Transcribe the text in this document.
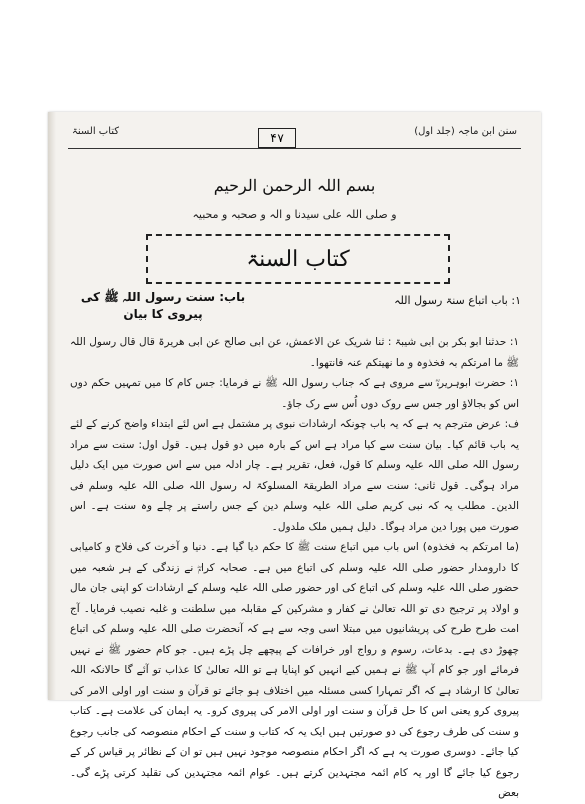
سنن ابن ماجہ (جلد اول)
۴۷
کتاب السنۃ
بسم اللہ الرحمن الرحیم
و صلی اللہ علی سیدنا و الہ و صحبہ و محبیہ
کتاب السنۃ
۱: باب اتباع سنۃ رسول اللہ
باب: سنت رسول اللہ ﷺ کی پیروی کا بیان

۱: حدثنا ابو بکر بن ابی شیبۃ : ثنا شریک عن الاعمش، عن ابی صالح عن ابی ھریرۃ قال قال رسول اللہ ﷺ ما امرتکم بہ فخذوہ و ما نھیتکم عنہ فانتھوا۔

۱: حضرت ابوہریرہؓ سے مروی ہے کہ جناب رسول اللہ ﷺ نے فرمایا: جس کام کا میں تمہیں حکم دوں اس کو بجالاؤ اور جس سے روک دوں اُس سے رک جاؤ۔

ف: عرض مترجم یہ ہے کہ یہ باب چونکہ ارشادات نبوی پر مشتمل ہے اس لئے ابتداء واضح کرنے کے لئے یہ باب قائم کیا۔ بیان سنت سے کیا مراد ہے اس کے بارہ میں دو قول ہیں۔ قول اول: سنت سے مراد رسول اللہ صلی اللہ علیہ وسلم کا قول، فعل، تقریر ہے۔ چار ادلہ میں سے اس صورت میں ایک دلیل مراد ہوگی۔ قول ثانی: سنت سے مراد الطریقۃ المسلوکۃ لہ رسول اللہ صلی اللہ علیہ وسلم فی الدین۔ مطلب یہ کہ نبی کریم صلی اللہ علیہ وسلم دین کے جس راستے پر چلے وہ سنت ہے۔ اس صورت میں پورا دین مراد ہوگا۔ دلیل ہمیں ملک ملدول۔

(ما امرتکم بہ فخذوہ) اس باب میں اتباع سنت ﷺ کا حکم دیا گیا ہے۔ دنیا و آخرت کی فلاح و کامیابی کا دارومدار حضور صلی اللہ علیہ وسلم کی اتباع میں ہے۔ صحابہ کرامؓ نے زندگی کے ہر شعبہ میں حضور صلی اللہ علیہ وسلم کی اتباع کی اور حضور صلی اللہ علیہ وسلم کے ارشادات کو اپنی جان مال و اولاد پر ترجیح دی تو اللہ تعالیٰ نے کفار و مشرکین کے مقابلہ میں سلطنت و غلبہ نصیب فرمایا۔ آج امت طرح طرح کی پریشانیوں میں مبتلا اسی وجہ سے ہے کہ آنحضرت صلی اللہ علیہ وسلم کی اتباع چھوڑ دی ہے۔ بدعات، رسوم و رواج اور خرافات کے پیچھے چل پڑے ہیں۔ جو کام حضور ﷺ نے نہیں فرمائے اور جو کام آپ ﷺ نے ہمیں کیے انہیں کو اپنایا ہے تو اللہ تعالیٰ کا عذاب تو آئے گا حالانکہ اللہ تعالیٰ کا ارشاد ہے کہ اگر تمہارا کسی مسئلہ میں اختلاف ہو جائے تو قرآن و سنت اور اولی الامر کی پیروی کرو یعنی اس کا حل قرآن و سنت اور اولی الامر کی پیروی کرو۔ یہ ایمان کی علامت ہے۔ کتاب و سنت کی طرف رجوع کی دو صورتیں ہیں ایک یہ کہ کتاب و سنت کے احکام منصوصہ کی جانب رجوع کیا جائے۔ دوسری صورت یہ ہے کہ اگر احکام منصوصہ موجود نہیں ہیں تو ان کے نظائر پر قیاس کر کے رجوع کیا جائے گا اور یہ کام ائمہ مجتہدین کرتے ہیں۔ عوام ائمہ مجتہدین کی تقلید کرتی پڑے گی۔ بعض
